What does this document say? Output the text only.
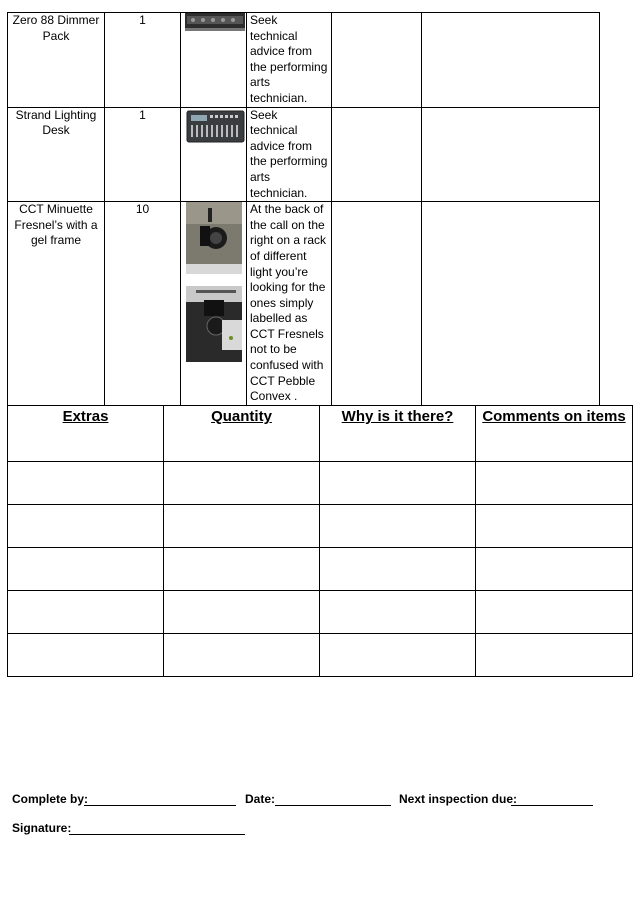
Zero 88 Dimmer Pack	1		Seek technical advice from the performing arts technician.		
Strand Lighting Desk	1		Seek technical advice from the performing arts technician.		
CCT Minuette Fresnel’s with a gel frame	10		At the back of the call on the right on a rack of different light you’re looking for the ones simply labelled as CCT Fresnels not to be confused with CCT Pebble Convex .		
Extras	Quantity	Why is it there?	Comments on items

Complete by:	Date:	Next inspection due:
Signature:
